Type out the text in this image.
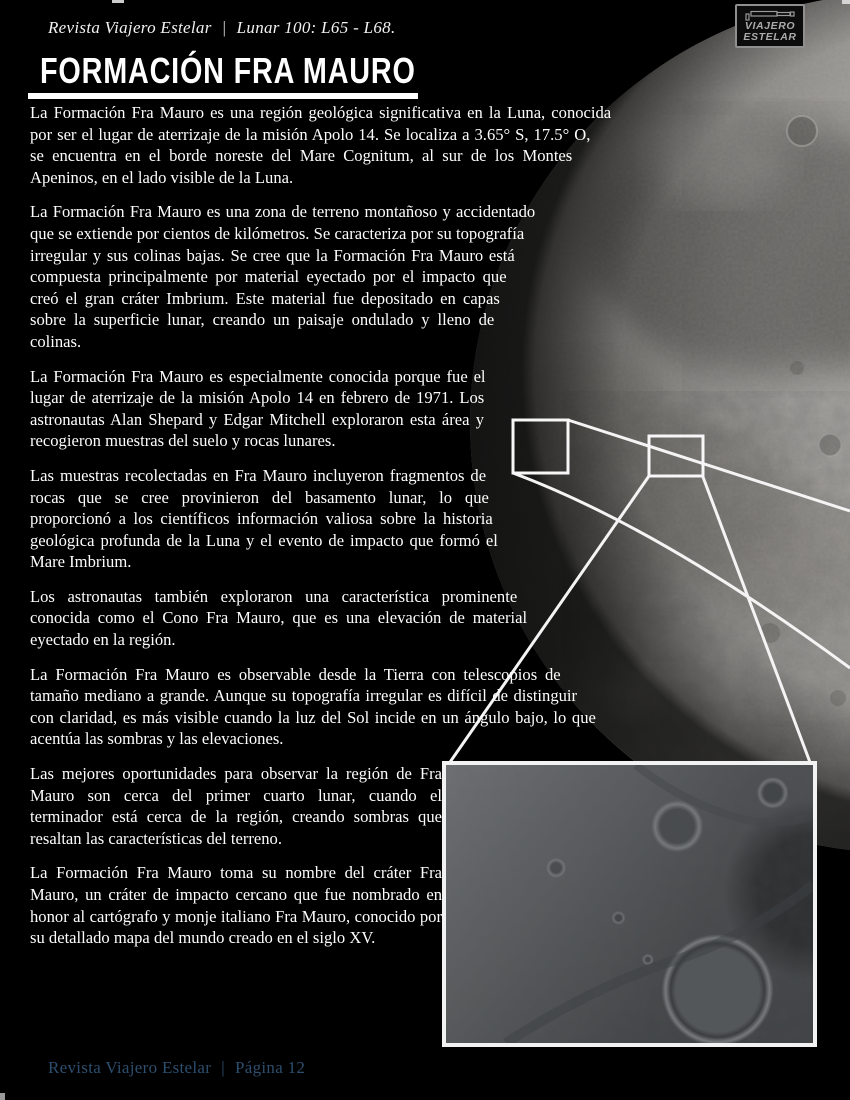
Revista Viajero Estelar | Lunar 100: L65 - L68.	VIAJERO
ESTELAR
FORMACIÓN FRA MAURO

La Formación Fra Mauro es una región geológica significativa en la Luna, conocida por ser el lugar de aterrizaje de la misión Apolo 14. Se localiza a 3.65° S, 17.5° O, se encuentra en el borde noreste del Mare Cognitum, al sur de los Montes Apeninos, en el lado visible de la Luna.

La Formación Fra Mauro es una zona de terreno montañoso y accidentado que se extiende por cientos de kilómetros. Se caracteriza por su topografía irregular y sus colinas bajas. Se cree que la Formación Fra Mauro está compuesta principalmente por material eyectado por el impacto que creó el gran cráter Imbrium. Este material fue depositado en capas sobre la superficie lunar, creando un paisaje ondulado y lleno de colinas.

La Formación Fra Mauro es especialmente conocida porque fue el lugar de aterrizaje de la misión Apolo 14 en febrero de 1971. Los astronautas Alan Shepard y Edgar Mitchell exploraron esta área y recogieron muestras del suelo y rocas lunares.

Las muestras recolectadas en Fra Mauro incluyeron fragmentos de rocas que se cree provinieron del basamento lunar, lo que proporcionó a los científicos información valiosa sobre la historia geológica profunda de la Luna y el evento de impacto que formó el Mare Imbrium.

Los astronautas también exploraron una característica prominente conocida como el Cono Fra Mauro, que es una elevación de material eyectado en la región.

La Formación Fra Mauro es observable desde la Tierra con telescopios de tamaño mediano a grande. Aunque su topografía irregular es difícil de distinguir con claridad, es más visible cuando la luz del Sol incide en un ángulo bajo, lo que acentúa las sombras y las elevaciones.

Las mejores oportunidades para observar la región de Fra Mauro son cerca del primer cuarto lunar, cuando el terminador está cerca de la región, creando sombras que resaltan las características del terreno.

La Formación Fra Mauro toma su nombre del cráter Fra Mauro, un cráter de impacto cercano que fue nombrado en honor al cartógrafo y monje italiano Fra Mauro, conocido por su detallado mapa del mundo creado en el siglo XV.

Revista Viajero Estelar | Página 12
